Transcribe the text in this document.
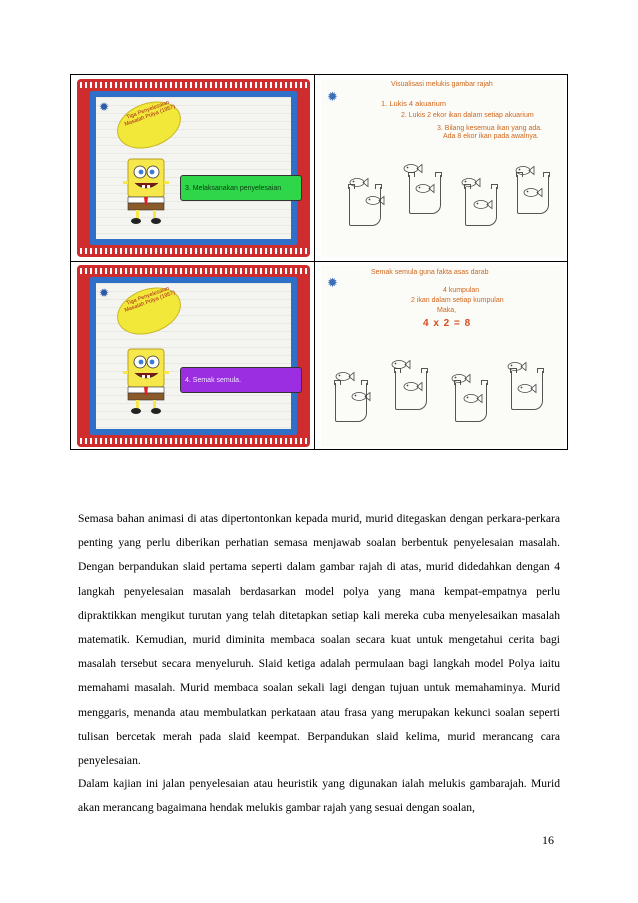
✹	Tiga Penyelesaian Masalah Polya (1957)
3. Melaksanakan penyelesaian
✹
Visualisasi melukis gambar rajah
1. Lukis 4 akuarium
2. Lukis 2 ekor ikan dalam setiap akuarium
3. Bilang kesemua ikan yang ada.
Ada 8 ekor ikan pada awalnya.
✹	Tiga Penyelesaian Masalah Polya (1957)
4. Semak semula.
✹
Semak semula guna fakta asas darab
4 kumpulan
2 ikan dalam setiap kumpulan
Maka,
4 x 2 = 8

Semasa bahan animasi di atas dipertontonkan kepada murid, murid ditegaskan dengan perkara-perkara penting yang perlu diberikan perhatian semasa menjawab soalan berbentuk penyelesaian masalah. Dengan berpandukan slaid pertama seperti dalam gambar rajah di atas, murid didedahkan dengan 4 langkah penyelesaian masalah berdasarkan model polya yang mana kempat-empatnya perlu dipraktikkan mengikut turutan yang telah ditetapkan setiap kali mereka cuba menyelesaikan masalah matematik. Kemudian, murid diminita membaca soalan secara kuat untuk mengetahui cerita bagi masalah tersebut secara menyeluruh. Slaid ketiga adalah permulaan bagi langkah model Polya iaitu memahami masalah. Murid membaca soalan sekali lagi dengan tujuan untuk memahaminya. Murid menggaris, menanda atau membulatkan perkataan atau frasa yang merupakan kekunci soalan seperti tulisan bercetak merah pada slaid keempat. Berpandukan slaid kelima, murid merancang cara penyelesaian.

Dalam kajian ini jalan penyelesaian atau heuristik yang digunakan ialah melukis gambarajah. Murid akan merancang bagaimana hendak melukis gambar rajah yang sesuai dengan soalan,

16
